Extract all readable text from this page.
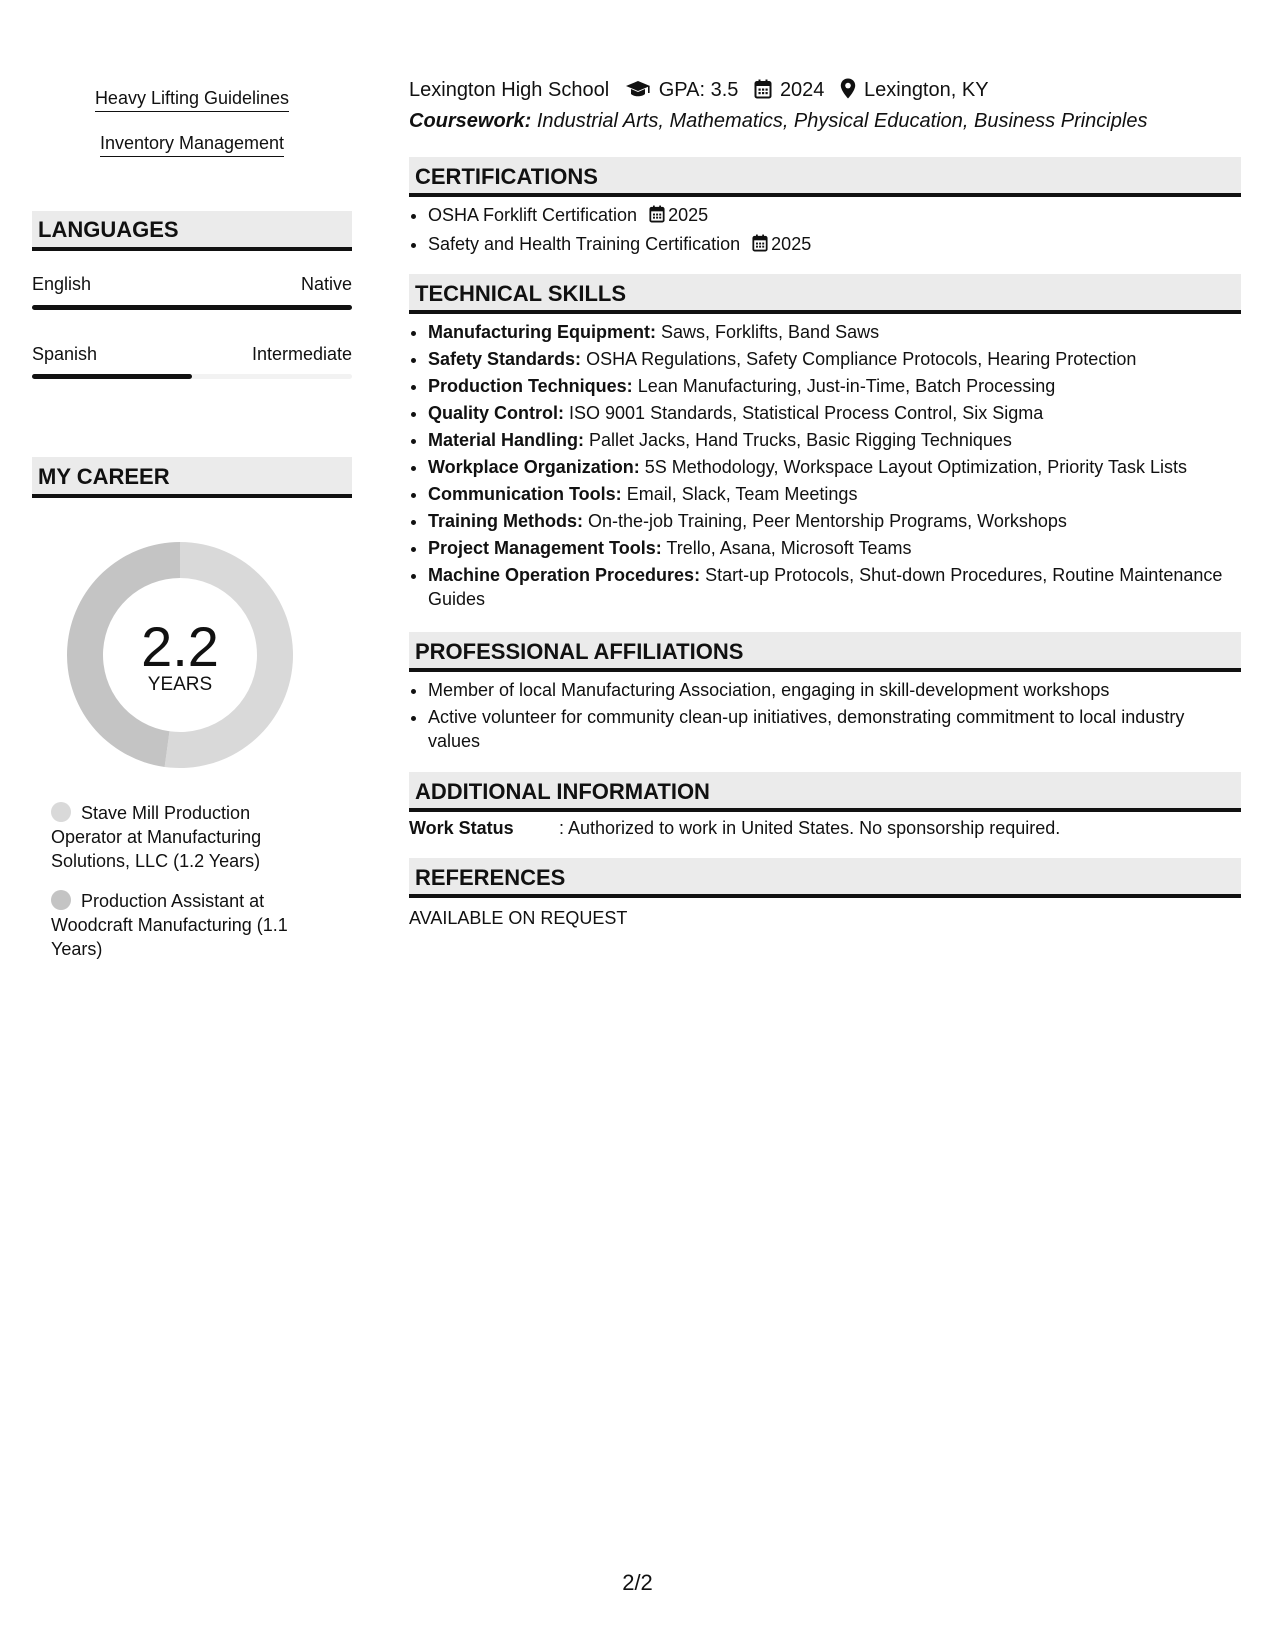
Heavy Lifting Guidelines
Inventory Management
LANGUAGES
English	Native
Spanish	Intermediate
MY CAREER
2.2
YEARS
Stave Mill Production Operator at Manufacturing Solutions, LLC (1.2 Years)
Production Assistant at Woodcraft Manufacturing (1.1 Years)
Lexington High School GPA: 3.5 2024 Lexington, KY
Coursework: Industrial Arts, Mathematics, Physical Education, Business Principles
CERTIFICATIONS
• OSHA Forklift Certification 2025
• Safety and Health Training Certification 2025
TECHNICAL SKILLS
• Manufacturing Equipment: Saws, Forklifts, Band Saws
• Safety Standards: OSHA Regulations, Safety Compliance Protocols, Hearing Protection
• Production Techniques: Lean Manufacturing, Just-in-Time, Batch Processing
• Quality Control: ISO 9001 Standards, Statistical Process Control, Six Sigma
• Material Handling: Pallet Jacks, Hand Trucks, Basic Rigging Techniques
• Workplace Organization: 5S Methodology, Workspace Layout Optimization, Priority Task Lists
• Communication Tools: Email, Slack, Team Meetings
• Training Methods: On-the-job Training, Peer Mentorship Programs, Workshops
• Project Management Tools: Trello, Asana, Microsoft Teams
• Machine Operation Procedures: Start-up Protocols, Shut-down Procedures, Routine Maintenance Guides
PROFESSIONAL AFFILIATIONS
• Member of local Manufacturing Association, engaging in skill-development workshops
• Active volunteer for community clean-up initiatives, demonstrating commitment to local industry values
ADDITIONAL INFORMATION
Work Status	: Authorized to work in United States. No sponsorship required.
REFERENCES
AVAILABLE ON REQUEST
2/2
